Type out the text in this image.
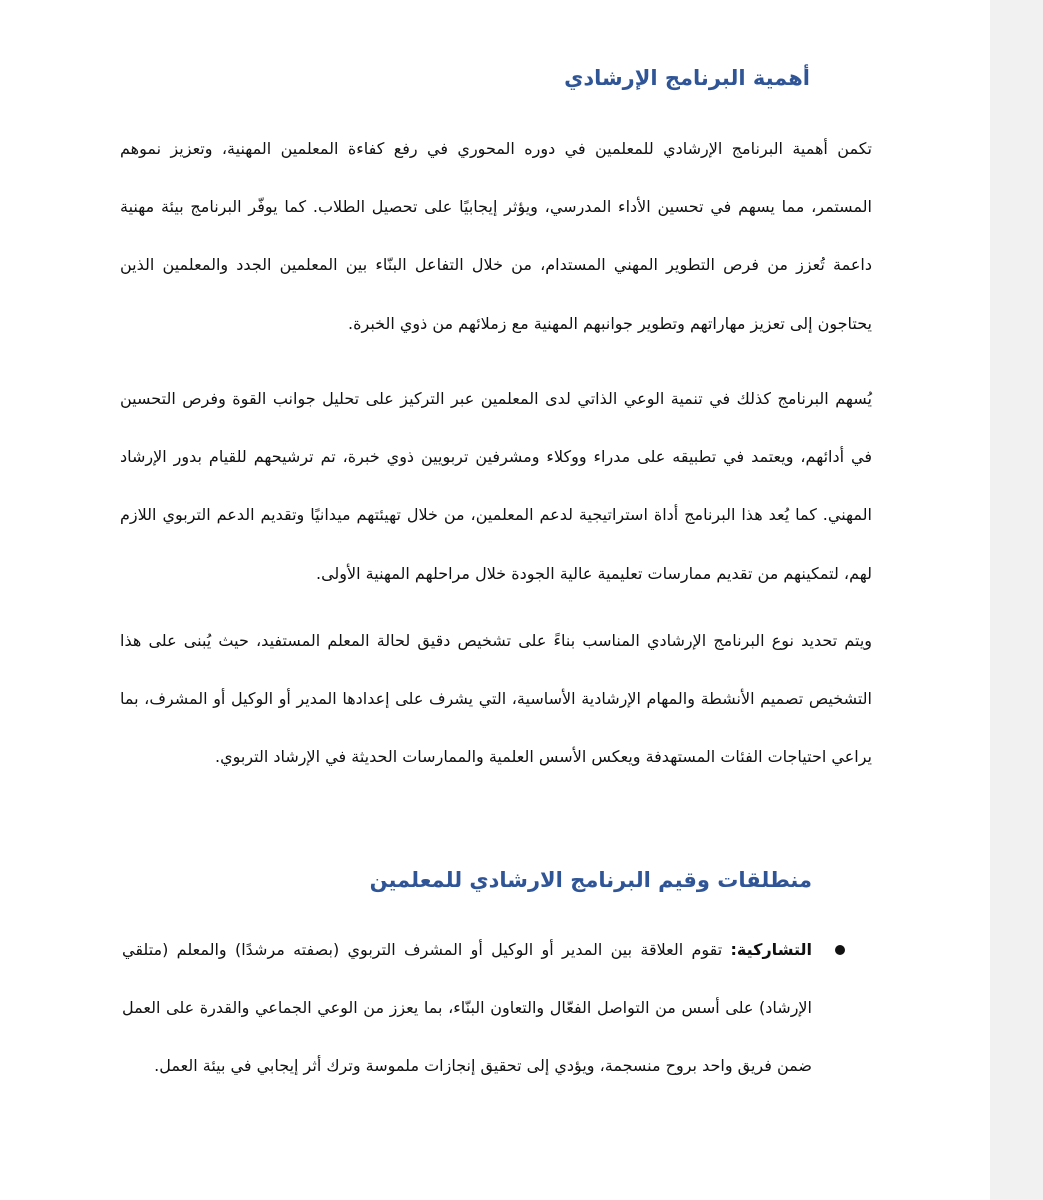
أهمية البرنامج الإرشادي

تكمن أهمية البرنامج الإرشادي للمعلمين في دوره المحوري في رفع كفاءة المعلمين المهنية، وتعزيز نموهم المستمر، مما يسهم في تحسين الأداء المدرسي، ويؤثر إيجابيًا على تحصيل الطلاب. كما يوفّر البرنامج بيئة مهنية داعمة تُعزز من فرص التطوير المهني المستدام، من خلال التفاعل البنّاء بين المعلمين الجدد والمعلمين الذين يحتاجون إلى تعزيز مهاراتهم وتطوير جوانبهم المهنية مع زملائهم من ذوي الخبرة.

يُسهم البرنامج كذلك في تنمية الوعي الذاتي لدى المعلمين عبر التركيز على تحليل جوانب القوة وفرص التحسين في أدائهم، ويعتمد في تطبيقه على مدراء ووكلاء ومشرفين تربويين ذوي خبرة، تم ترشيحهم للقيام بدور الإرشاد المهني. كما يُعد هذا البرنامج أداة استراتيجية لدعم المعلمين، من خلال تهيئتهم ميدانيًا وتقديم الدعم التربوي اللازم لهم، لتمكينهم من تقديم ممارسات تعليمية عالية الجودة خلال مراحلهم المهنية الأولى.

ويتم تحديد نوع البرنامج الإرشادي المناسب بناءً على تشخيص دقيق لحالة المعلم المستفيد، حيث يُبنى على هذا التشخيص تصميم الأنشطة والمهام الإرشادية الأساسية، التي يشرف على إعدادها المدير أو الوكيل أو المشرف، بما يراعي احتياجات الفئات المستهدفة ويعكس الأسس العلمية والممارسات الحديثة في الإرشاد التربوي.

منطلقات وقيم البرنامج الارشادي للمعلمين

التشاركية: تقوم العلاقة بين المدير أو الوكيل أو المشرف التربوي (بصفته مرشدًا) والمعلم (متلقي الإرشاد) على أسس من التواصل الفعّال والتعاون البنّاء، بما يعزز من الوعي الجماعي والقدرة على العمل ضمن فريق واحد بروح منسجمة، ويؤدي إلى تحقيق إنجازات ملموسة وترك أثر إيجابي في بيئة العمل.
